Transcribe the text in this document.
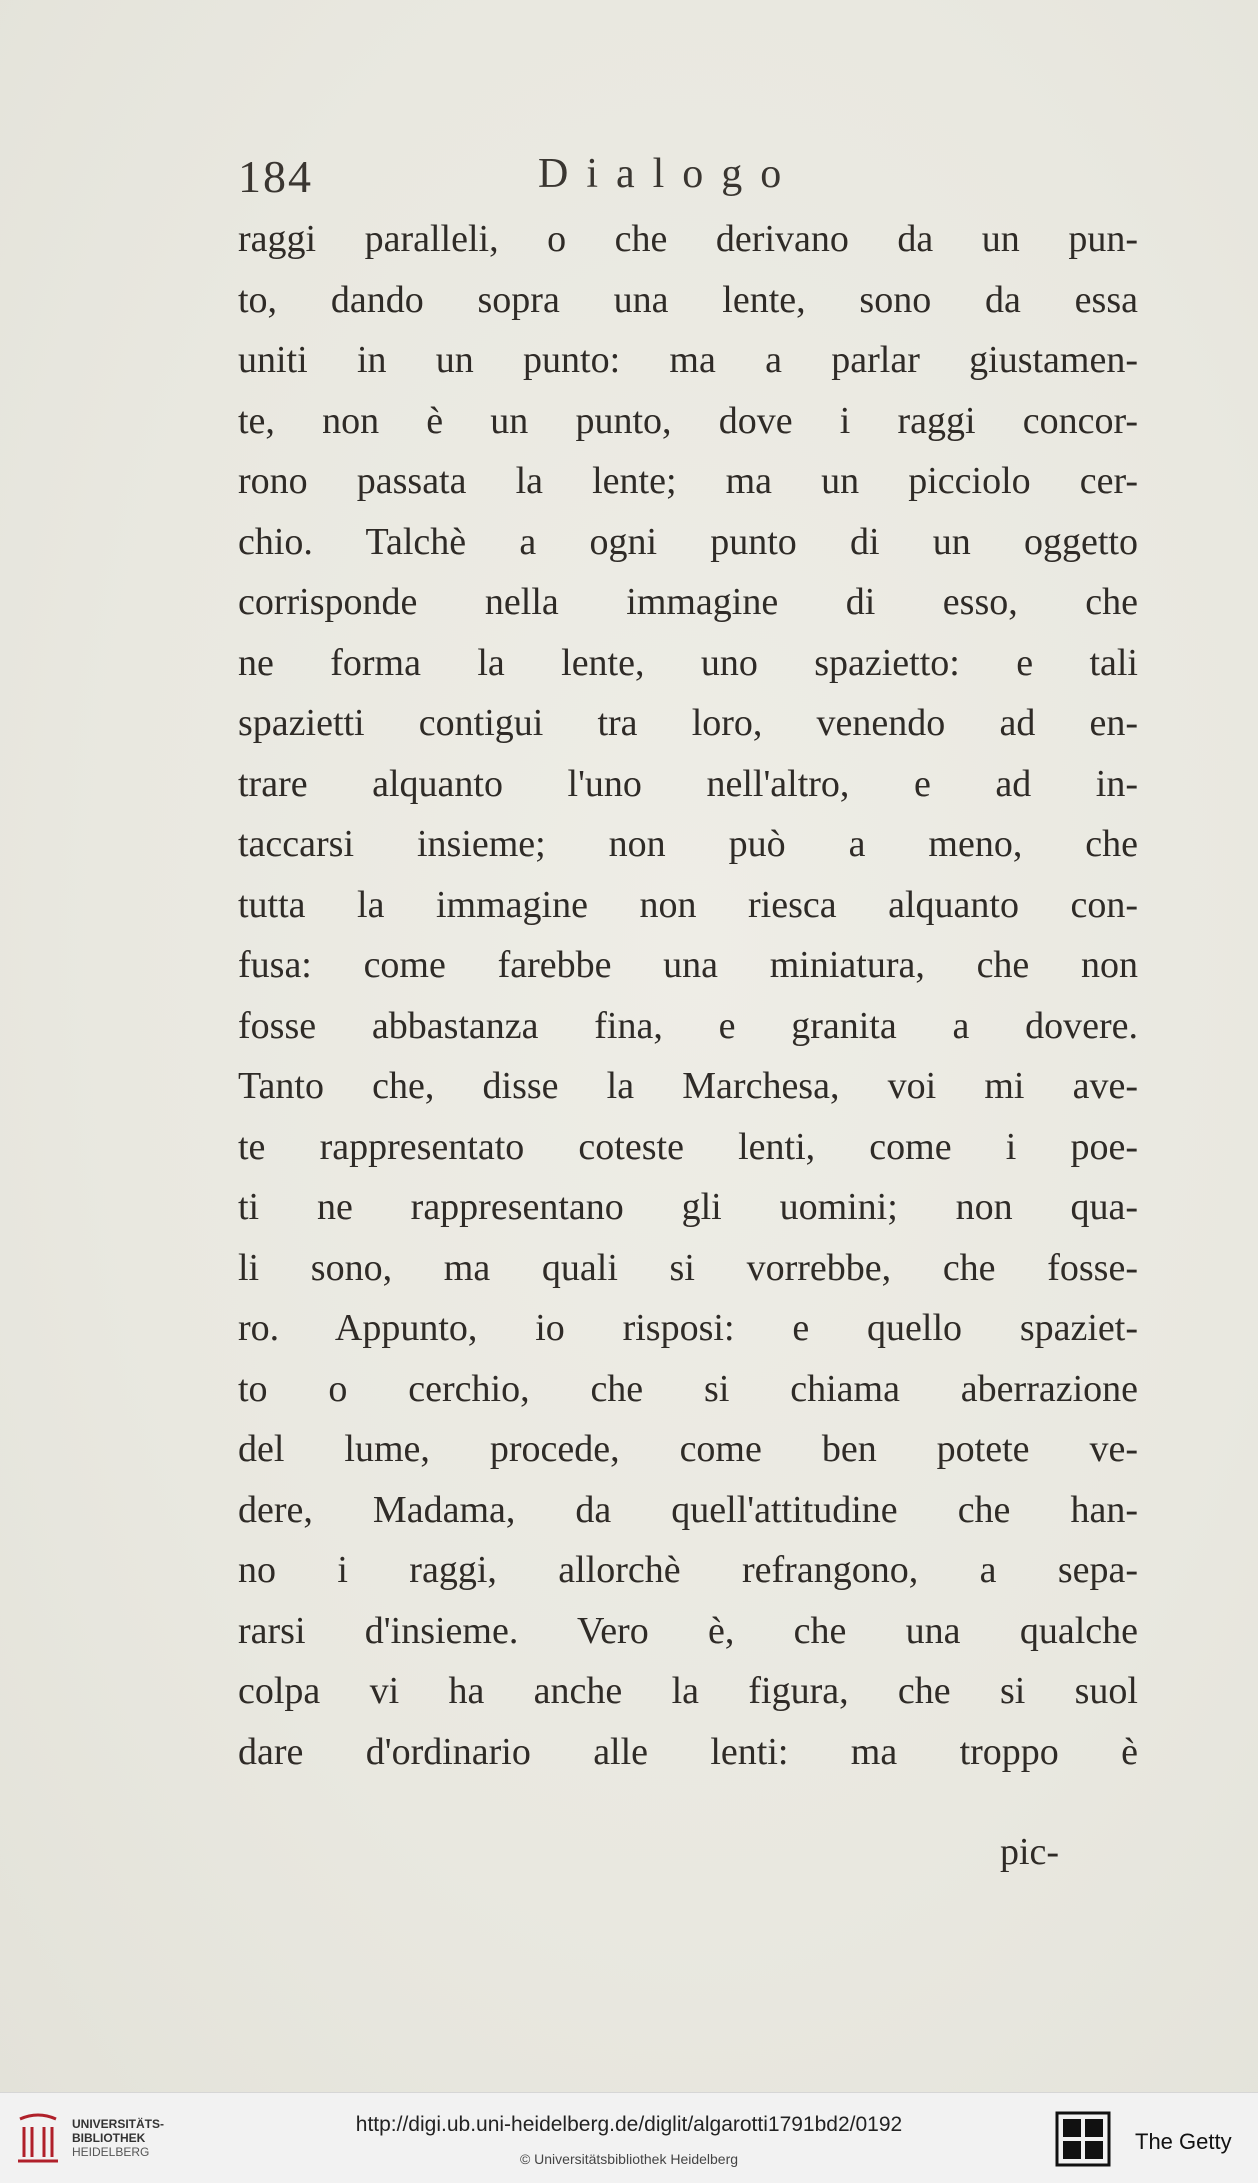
184	Dialogo
raggi paralleli, o che derivano da un pun-
to, dando sopra una lente, sono da essa
uniti in un punto: ma a parlar giustamen-
te, non è un punto, dove i raggi concor-
rono passata la lente; ma un picciolo cer-
chio. Talchè a ogni punto di un oggetto
corrisponde nella immagine di esso, che
ne forma la lente, uno spazietto: e tali
spazietti contigui tra loro, venendo ad en-
trare alquanto l'uno nell'altro, e ad in-
taccarsi insieme; non può a meno, che
tutta la immagine non riesca alquanto con-
fusa: come farebbe una miniatura, che non
fosse abbastanza fina, e granita a dovere.
Tanto che, disse la Marchesa, voi mi ave-
te rappresentato coteste lenti, come i poe-
ti ne rappresentano gli uomini; non qua-
li sono, ma quali si vorrebbe, che fosse-
ro. Appunto, io risposi: e quello spaziet-
to o cerchio, che si chiama aberrazione
del lume, procede, come ben potete ve-
dere, Madama, da quell'attitudine che han-
no i raggi, allorchè refrangono, a sepa-
rarsi d'insieme. Vero è, che una qualche
colpa vi ha anche la figura, che si suol
dare d'ordinario alle lenti: ma troppo è
pic-
UNIVERSITÄTS-
BIBLIOTHEK
HEIDELBERG
http://digi.ub.uni-heidelberg.de/diglit/algarotti1791bd2/0192
© Universitätsbibliothek Heidelberg
The Getty
